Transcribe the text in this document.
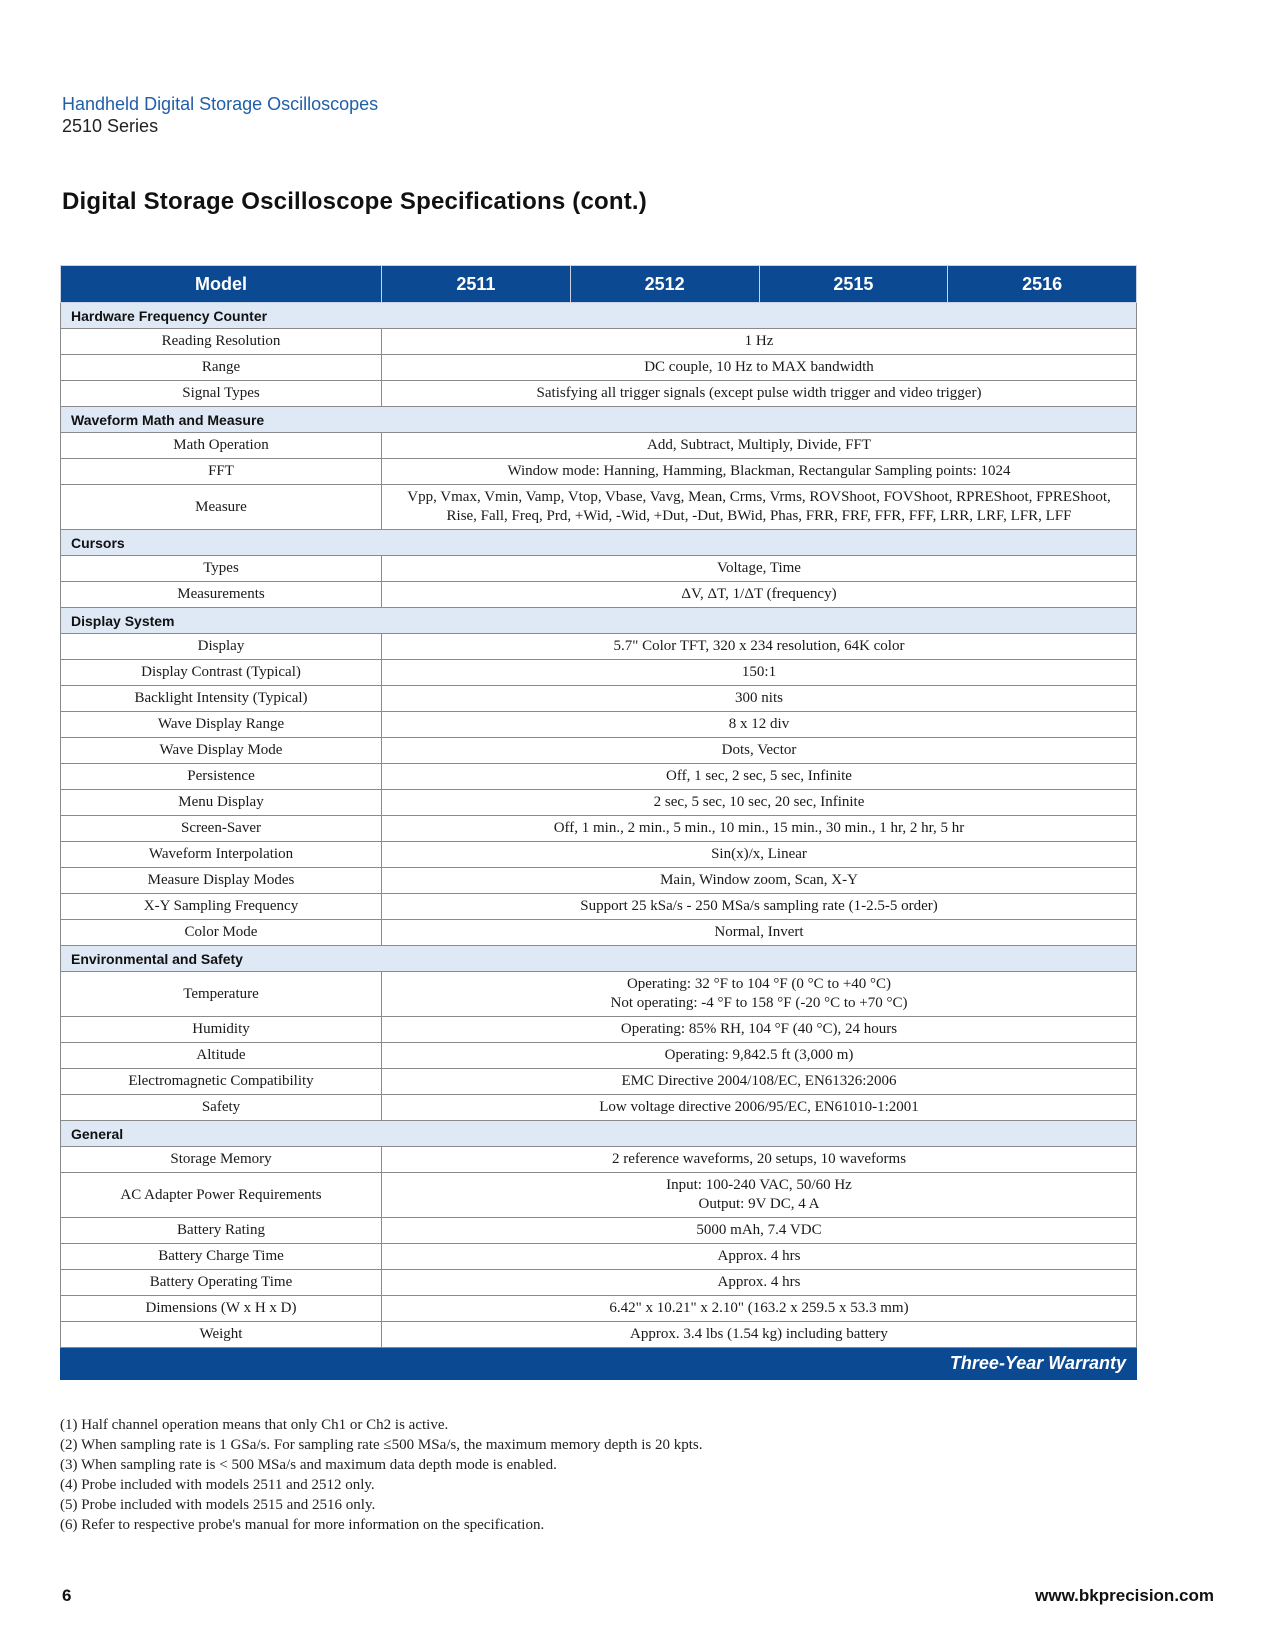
Handheld Digital Storage Oscilloscopes
2510 Series
Digital Storage Oscilloscope Specifications (cont.)
Model	2511	2512	2515	2516
Hardware Frequency Counter				
Reading Resolution	1 Hz			

Range	DC couple, 10 Hz to MAX bandwidth			

Signal Types	Satisfying all trigger signals (except pulse width trigger and video trigger)			

Waveform Math and Measure				
Math Operation	Add, Subtract, Multiply, Divide, FFT			

FFT	Window mode: Hanning, Hamming, Blackman, Rectangular Sampling points: 1024			

Measure	Vpp, Vmax, Vmin, Vamp, Vtop, Vbase, Vavg, Mean, Crms, Vrms, ROVShoot, FOVShoot, RPREShoot, FPREShoot,
Rise, Fall, Freq, Prd, +Wid, -Wid, +Dut, -Dut, BWid, Phas, FRR, FRF, FFR, FFF, LRR, LRF, LFR, LFF			

Cursors				
Types	Voltage, Time			

Measurements	ΔV, ΔT, 1/ΔT (frequency)			

Display System				
Display	5.7" Color TFT, 320 x 234 resolution, 64K color			

Display Contrast (Typical)	150:1			

Backlight Intensity (Typical)	300 nits			

Wave Display Range	8 x 12 div			

Wave Display Mode	Dots, Vector			

Persistence	Off, 1 sec, 2 sec, 5 sec, Infinite			

Menu Display	2 sec, 5 sec, 10 sec, 20 sec, Infinite			

Screen-Saver	Off, 1 min., 2 min., 5 min., 10 min., 15 min., 30 min., 1 hr, 2 hr, 5 hr			

Waveform Interpolation	Sin(x)/x, Linear			

Measure Display Modes	Main, Window zoom, Scan, X-Y			

X-Y Sampling Frequency	Support 25 kSa/s - 250 MSa/s sampling rate (1-2.5-5 order)			

Color Mode	Normal, Invert			

Environmental and Safety				
Temperature	Operating: 32 °F to 104 °F (0 °C to +40 °C)
Not operating: -4 °F to 158 °F (-20 °C to +70 °C)			

Humidity	Operating: 85% RH, 104 °F (40 °C), 24 hours			

Altitude	Operating: 9,842.5 ft (3,000 m)			

Electromagnetic Compatibility	EMC Directive 2004/108/EC, EN61326:2006			

Safety	Low voltage directive 2006/95/EC, EN61010-1:2001			

General				
Storage Memory	2 reference waveforms, 20 setups, 10 waveforms			

AC Adapter Power Requirements	Input: 100-240 VAC, 50/60 Hz
Output: 9V DC, 4 A			

Battery Rating	5000 mAh, 7.4 VDC			

Battery Charge Time	Approx. 4 hrs			

Battery Operating Time	Approx. 4 hrs			

Dimensions (W x H x D)	6.42" x 10.21" x 2.10" (163.2 x 259.5 x 53.3 mm)			

Weight	Approx. 3.4 lbs (1.54 kg) including battery			

Three-Year Warranty				
(1) Half channel operation means that only Ch1 or Ch2 is active.
(2) When sampling rate is 1 GSa/s. For sampling rate ≤500 MSa/s, the maximum memory depth is 20 kpts.
(3) When sampling rate is < 500 MSa/s and maximum data depth mode is enabled.
(4) Probe included with models 2511 and 2512 only.
(5) Probe included with models 2515 and 2516 only.
(6) Refer to respective probe's manual for more information on the specification.
6	www.bkprecision.com
